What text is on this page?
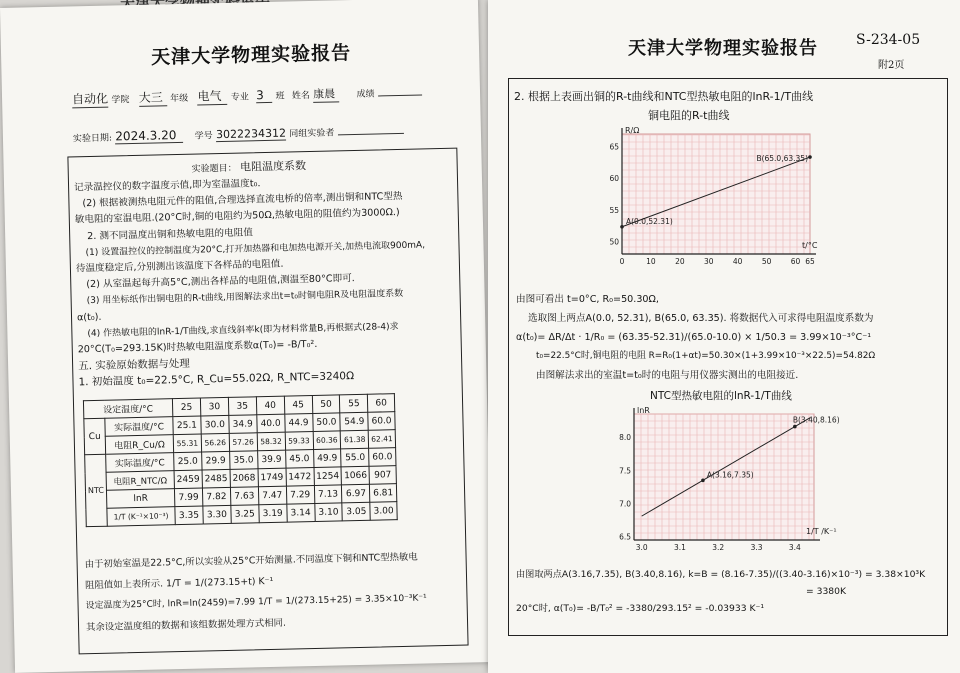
天津大学物理实验报告
自动化 学院 大三 年级 电气 专业 3 班 姓名 康晨 成绩
实验日期: 2024.3.20 学号 3022234312 同组实验者
实验题目： 电阻温度系数
记录温控仪的数字温度示值,即为室温温度t₀.
(2) 根据被测热电阻元件的阻值,合理选择直流电桥的倍率,测出铜和NTC型热
敏电阻的室温电阻.(20°C时,铜的电阻约为50Ω,热敏电阻的阻值约为3000Ω.)
2. 测不同温度出铜和热敏电阻的电阻值
(1) 设置温控仪的控制温度为20°C,打开加热器和电加热电源开关,加热电流取900mA,
待温度稳定后,分别测出该温度下各样品的电阻值.
(2) 从室温起每升高5°C,测出各样品的电阻值,测温至80°C即可.
(3) 用坐标纸作出铜电阻的R-t曲线,用图解法求出t=t₀时铜电阻R及电阻温度系数
α(t₀).
(4) 作热敏电阻的lnR-1/T曲线,求直线斜率k(即为材料常量B,再根据式(28-4)求
20°C(T₀=293.15K)时热敏电阻温度系数α(T₀)= -B/T₀².
五. 实验原始数据与处理
1. 初始温度 t₀=22.5°C, R_Cu=55.02Ω, R_NTC=3240Ω
设定温度/°C		25	30	35	40	45	50	55	60
Cu	实际温度/°C	25.1	30.0	34.9	40.0	44.9	50.0	54.9	60.0
	电阻R_Cu/Ω	55.31	56.26	57.26	58.32	59.33	60.36	61.38	62.41
NTC	实际温度/°C	25.0	29.9	35.0	39.9	45.0	49.9	55.0	60.0
	电阻R_NTC/Ω	2459	2485	2068	1749	1472	1254	1066	907
	lnR	7.99	7.82	7.63	7.47	7.29	7.13	6.97	6.81
	1/T (K⁻¹×10⁻³)	3.35	3.30	3.25	3.19	3.14	3.10	3.05	3.00
由于初始室温是22.5°C,所以实验从25°C开始测量.不同温度下铜和NTC型热敏电
阻阻值如上表所示. 1/T = 1/(273.15+t) K⁻¹
设定温度为25°C时, lnR=ln(2459)=7.99 1/T = 1/(273.15+25) = 3.35×10⁻³K⁻¹
其余设定温度组的数据和该组数据处理方式相同.
天津大学物理实验报告	S-234-05
附2页
2. 根据上表画出铜的R-t曲线和NTC型热敏电阻的lnR-1/T曲线
铜电阻的R-t曲线
0	10	20	30	40	50	60 65
50
55
60
65
t/°C
R/Ω
A(0.0,52.31)
B(65.0,63.35)
由图可看出 t=0°C, R₀=50.30Ω,
选取图上两点A(0.0, 52.31), B(65.0, 63.35). 将数据代入可求得电阻温度系数为
α(t₀)= ΔR/Δt · 1/R₀ = (63.35-52.31)/(65.0-10.0) × 1/50.3 = 3.99×10⁻³°C⁻¹
t₀=22.5°C时,铜电阻的电阻 R=R₀(1+αt)=50.30×(1+3.99×10⁻³×22.5)=54.82Ω
由图解法求出的室温t=t₀时的电阻与用仪器实测出的电阻接近.
NTC型热敏电阻的lnR-1/T曲线
3.0	3.1	3.2	3.3	3.4
6.5
7.0
7.5
8.0
1/T /K⁻¹
lnR
A(3.16,7.35)
B(3.40,8.16)
由图取两点A(3.16,7.35), B(3.40,8.16), k=B = (8.16-7.35)/((3.40-3.16)×10⁻³) = 3.38×10³K
= 3380K
20°C时, α(T₀)= -B/T₀² = -3380/293.15² = -0.03933 K⁻¹
